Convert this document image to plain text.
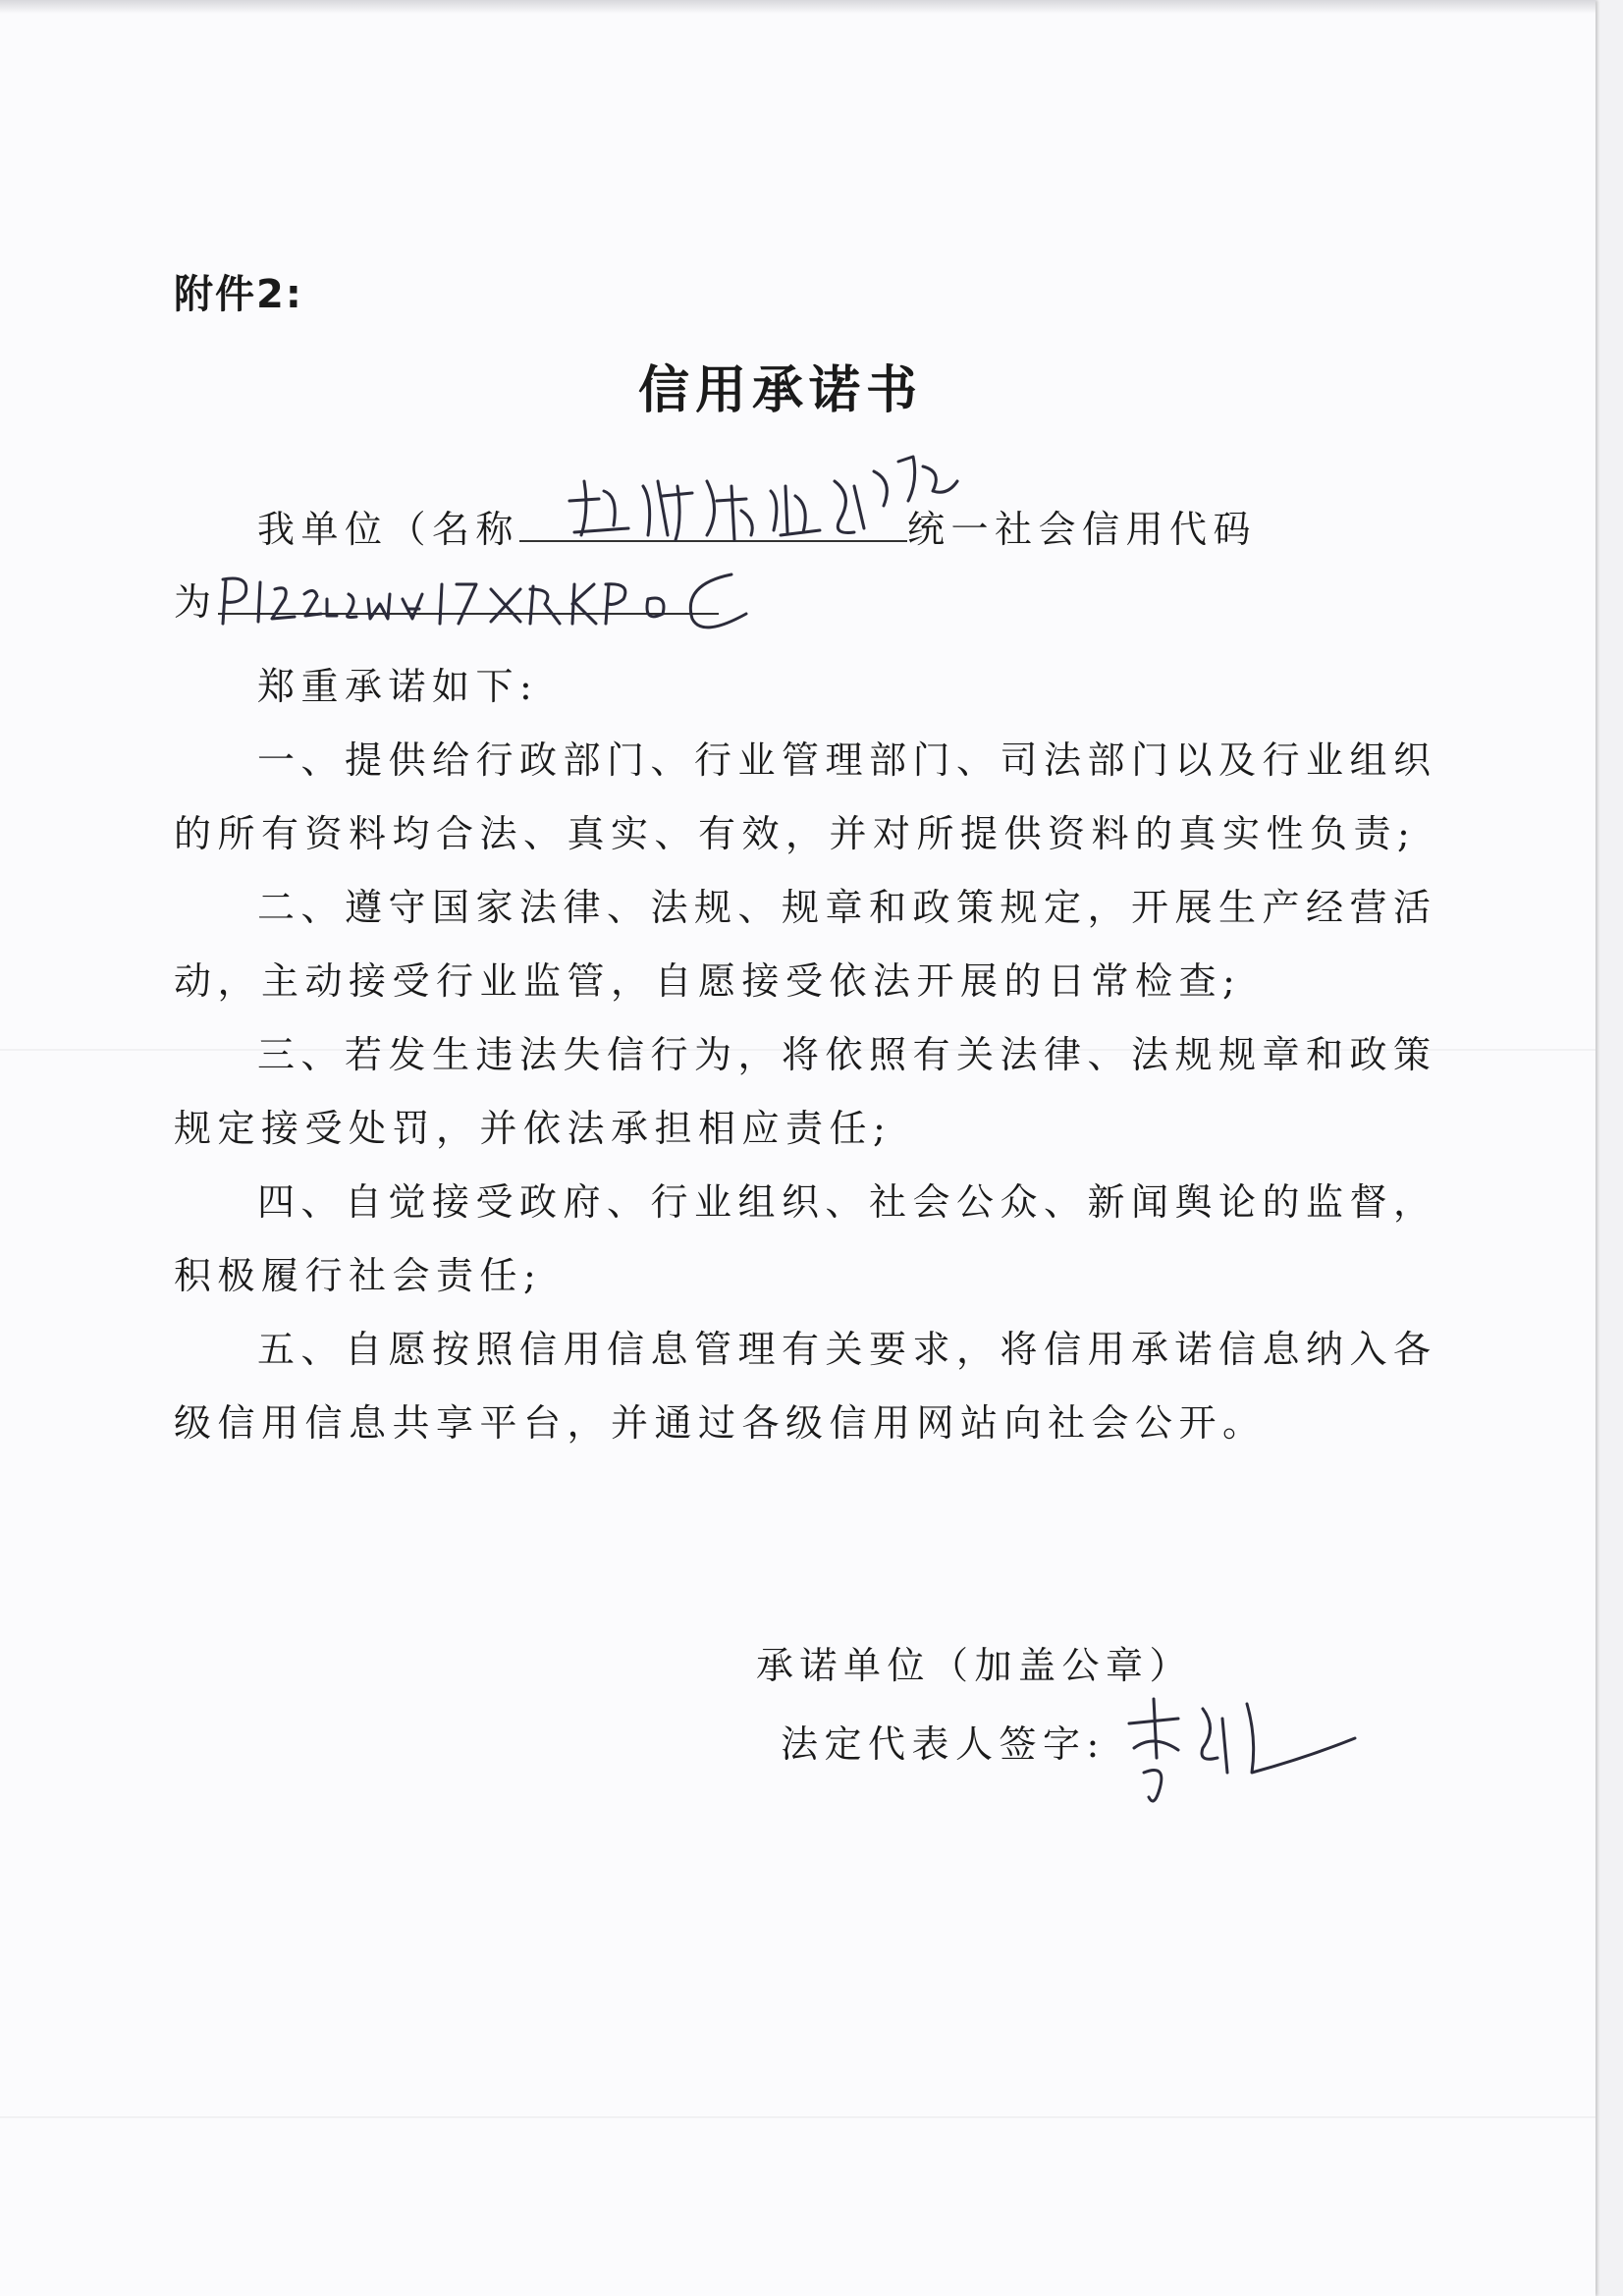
附件2:
信用承诺书
我单位（名称	统一社会信用代码
为
郑重承诺如下:
一、提供给行政部门、行业管理部门、司法部门以及行业组织
的所有资料均合法、真实、有效，并对所提供资料的真实性负责;
二、遵守国家法律、法规、规章和政策规定，开展生产经营活
动，主动接受行业监管，自愿接受依法开展的日常检查;
三、若发生违法失信行为，将依照有关法律、法规规章和政策
规定接受处罚，并依法承担相应责任;
四、自觉接受政府、行业组织、社会公众、新闻舆论的监督，
积极履行社会责任;
五、自愿按照信用信息管理有关要求，将信用承诺信息纳入各
级信用信息共享平台，并通过各级信用网站向社会公开。
承诺单位（加盖公章）
法定代表人签字:
